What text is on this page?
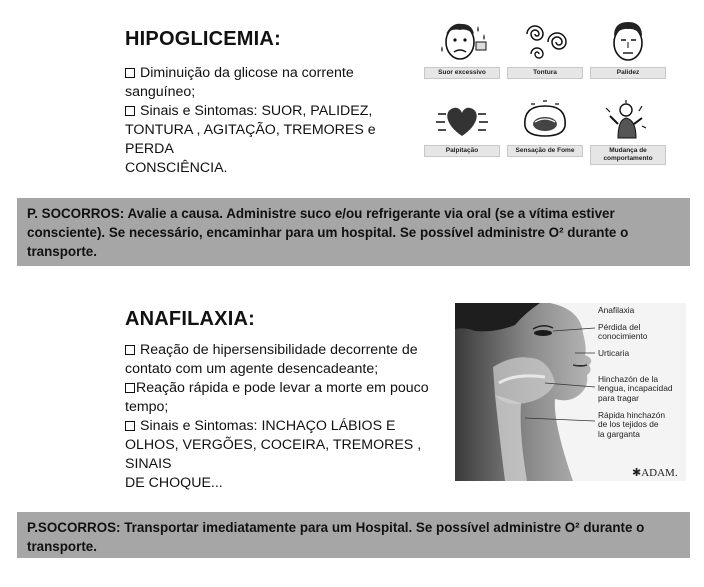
HIPOGLICEMIA:

Diminuição da glicose na corrente sanguíneo;

Sinais e Sintomas: SUOR, PALIDEZ,
TONTURA , AGITAÇÃO, TREMORES e PERDA
CONSCIÊNCIA.

Suor excessivo	Tontura	Palidez
Palpitação	Sensação de Fome	Mudança de
comportamento
P. SOCORROS: Avalie a causa. Administre suco e/ou refrigerante via oral (se a vítima estiver consciente). Se necessário, encaminhar para um hospital. Se possível administre O² durante o transporte.
ANAFILAXIA:

Reação de hipersensibilidade decorrente de
contato com um agente desencadeante;

Reação rápida e pode levar a morte em pouco
tempo;

Sinais e Sintomas: INCHAÇO LÁBIOS E
OLHOS, VERGÕES, COCEIRA, TREMORES , SINAIS
DE CHOQUE...

Anafilaxia
Pérdida del
conocimiento
Urticaria
Hinchazón de la
lengua, incapacidad
para tragar
Rápida hinchazón
de los tejidos de
la garganta
✱ADAM.
P.SOCORROS: Transportar imediatamente para um Hospital. Se possível administre O² durante o transporte.
